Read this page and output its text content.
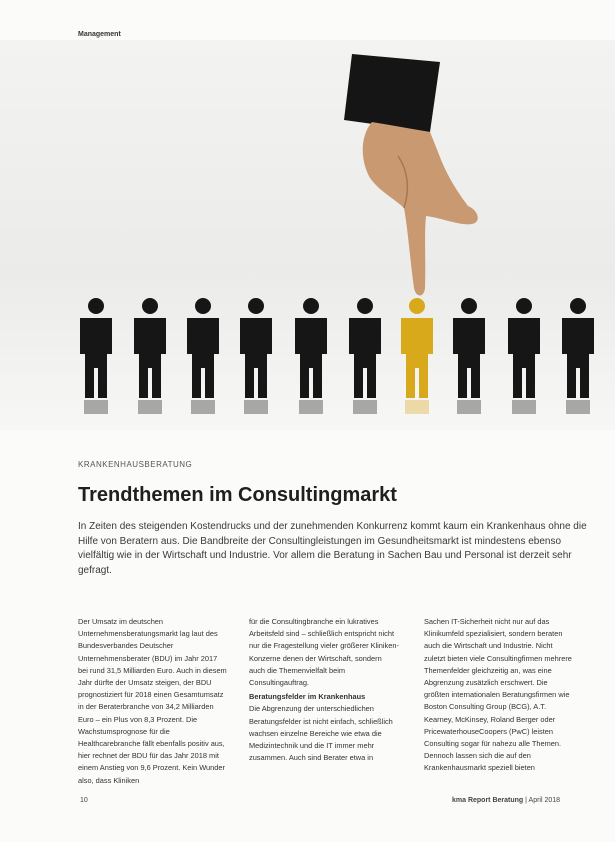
Management
KRANKENHAUSBERATUNG
Trendthemen im Consultingmarkt
In Zeiten des steigenden Kostendrucks und der zunehmenden Konkurrenz kommt kaum ein Krankenhaus ohne die Hilfe von Beratern aus. Die Bandbreite der Consultingleistungen im Gesundheitsmarkt ist mindestens ebenso vielfältig wie in der Wirtschaft und Industrie. Vor allem die Beratung in Sachen Bau und Personal ist derzeit sehr gefragt.

Der Umsatz im deutschen Unternehmensberatungsmarkt lag laut des Bundesverbandes Deutscher Unternehmensberater (BDU) im Jahr 2017 bei rund 31,5 Milliarden Euro. Auch in diesem Jahr dürfte der Umsatz steigen, der BDU prognostiziert für 2018 einen Gesamtumsatz in der Beraterbranche von 34,2 Milliarden Euro – ein Plus von 8,3 Prozent. Die Wachstumsprognose für die Healthcarebranche fällt ebenfalls positiv aus, hier rechnet der BDU für das Jahr 2018 mit einem Anstieg von 9,6 Prozent. Kein Wunder also, dass Kliniken

für die Consultingbranche ein lukratives Arbeitsfeld sind – schließlich entspricht nicht nur die Fragestellung vieler größerer Kliniken-Konzerne denen der Wirtschaft, sondern auch die Themenvielfalt beim Consultingauftrag.

Beratungsfelder im Krankenhaus

Die Abgrenzung der unterschiedlichen Beratungsfelder ist nicht einfach, schließlich wachsen einzelne Bereiche wie etwa die Medizintechnik und die IT immer mehr zusammen. Auch sind Berater etwa in

Sachen IT-Sicherheit nicht nur auf das Klinikumfeld spezialisiert, sondern beraten auch die Wirtschaft und Industrie. Nicht zuletzt bieten viele Consultingfirmen mehrere Themenfelder gleichzeitig an, was eine Abgrenzung zusätzlich erschwert. Die größten internationalen Beratungsfirmen wie Boston Consulting Group (BCG), A.T. Kearney, McKinsey, Roland Berger oder PricewaterhouseCoopers (PwC) leisten Consulting sogar für nahezu alle Themen. Dennoch lassen sich die auf den Krankenhausmarkt speziell bieten

10	kma Report Beratung | April 2018
